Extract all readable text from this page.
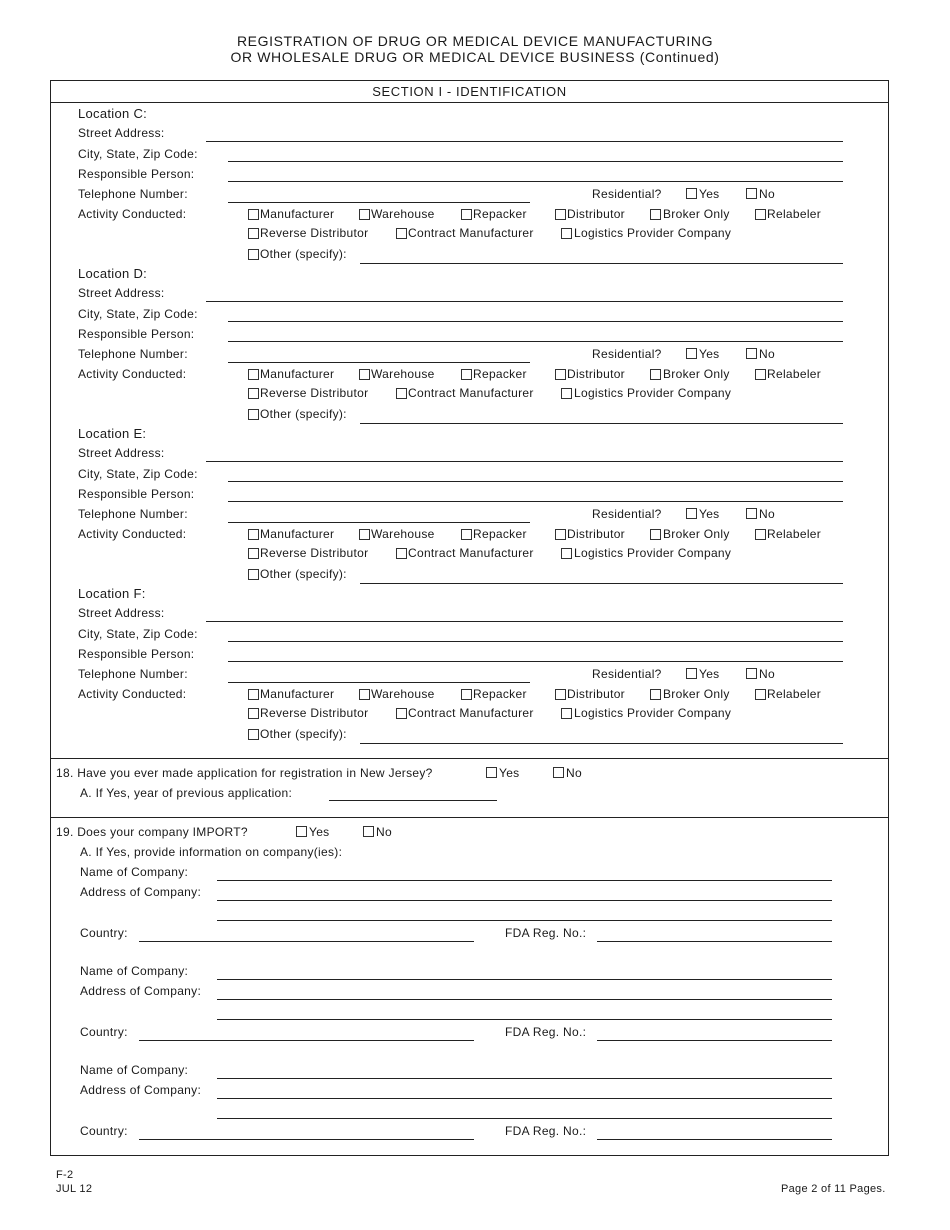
REGISTRATION OF DRUG OR MEDICAL DEVICE MANUFACTURING
OR WHOLESALE DRUG OR MEDICAL DEVICE BUSINESS (Continued)
SECTION I - IDENTIFICATION
Location C:
Street Address:
City, State, Zip Code:
Responsible Person:
Telephone Number:	Residential?	Yes	No
Activity Conducted:	Manufacturer	Warehouse	Repacker	Distributor	Broker Only	Relabeler
Reverse Distributor	Contract Manufacturer	Logistics Provider Company
Other (specify):
Location D:
Street Address:
City, State, Zip Code:
Responsible Person:
Telephone Number:	Residential?	Yes	No
Activity Conducted:	Manufacturer	Warehouse	Repacker	Distributor	Broker Only	Relabeler
Reverse Distributor	Contract Manufacturer	Logistics Provider Company
Other (specify):
Location E:
Street Address:
City, State, Zip Code:
Responsible Person:
Telephone Number:	Residential?	Yes	No
Activity Conducted:	Manufacturer	Warehouse	Repacker	Distributor	Broker Only	Relabeler
Reverse Distributor	Contract Manufacturer	Logistics Provider Company
Other (specify):
Location F:
Street Address:
City, State, Zip Code:
Responsible Person:
Telephone Number:	Residential?	Yes	No
Activity Conducted:	Manufacturer	Warehouse	Repacker	Distributor	Broker Only	Relabeler
Reverse Distributor	Contract Manufacturer	Logistics Provider Company
Other (specify):
18. Have you ever made application for registration in New Jersey?	Yes	No
A. If Yes, year of previous application:
19. Does your company IMPORT?	Yes	No
A. If Yes, provide information on company(ies):
Name of Company:
Address of Company:
Country:	FDA Reg. No.:
Name of Company:
Address of Company:
Country:	FDA Reg. No.:
Name of Company:
Address of Company:
Country:	FDA Reg. No.:
F-2
JUL 12	Page 2 of 11 Pages.
